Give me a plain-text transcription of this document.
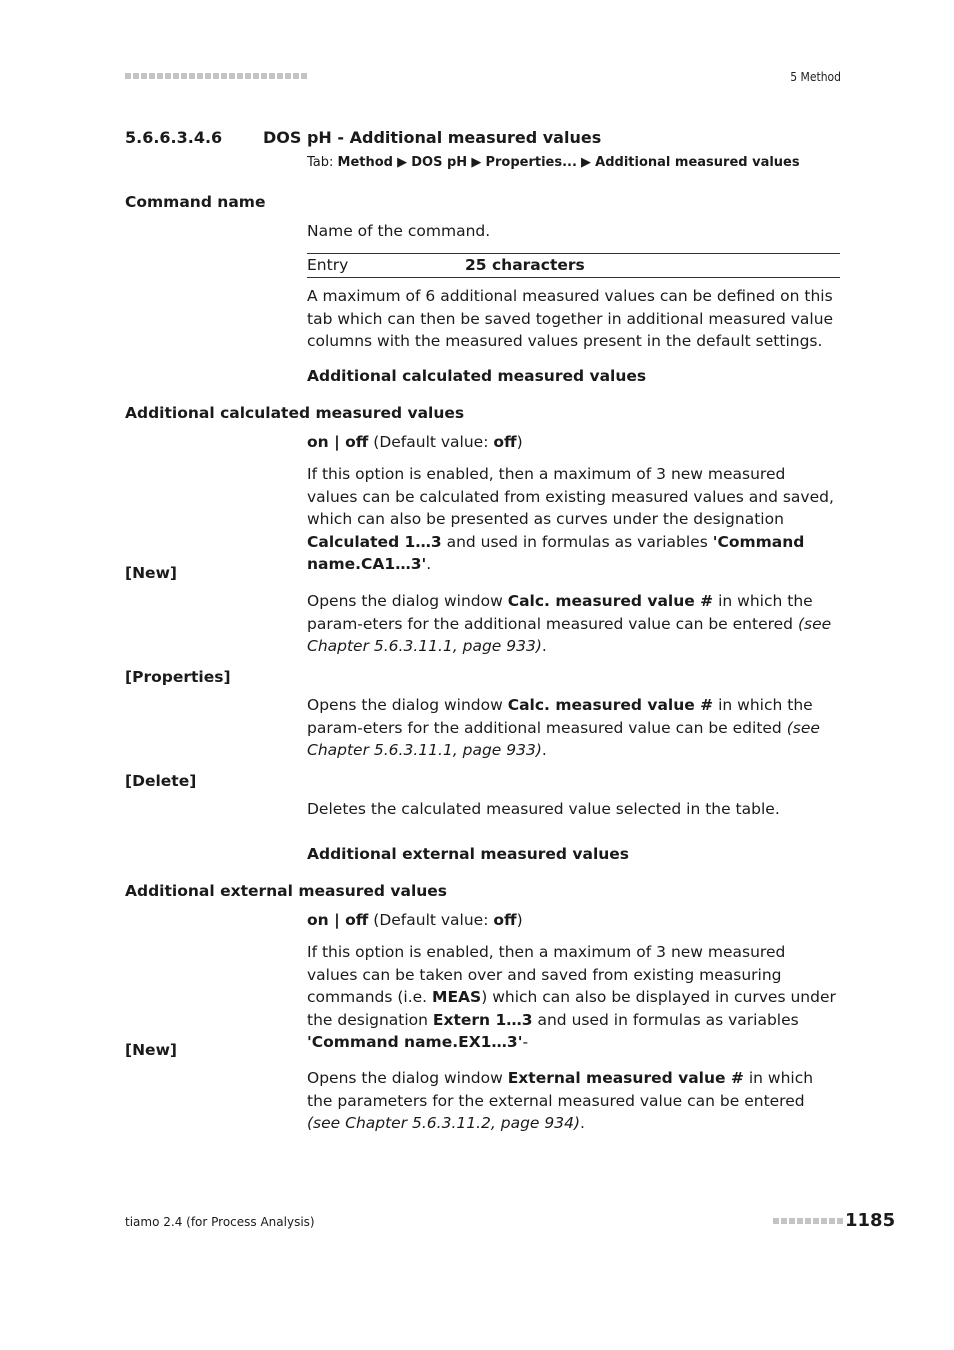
5 Method
5.6.6.3.4.6	DOS pH - Additional measured values
Tab: Method ▶ DOS pH ▶ Properties... ▶ Additional measured values
Command name
Name of the command.
Entry	25 characters
A maximum of 6 additional measured values can be defined on this tab which can then be saved together in additional measured value columns with the measured values present in the default settings.
Additional calculated measured values
Additional calculated measured values
on | off (Default value: off)
If this option is enabled, then a maximum of 3 new measured values can be calculated from existing measured values and saved, which can also be presented as curves under the designation Calculated 1…3 and used in formulas as variables 'Command name.CA1…3'.
[New]
Opens the dialog window Calc. measured value # in which the param-eters for the additional measured value can be entered (see Chapter 5.6.3.11.1, page 933).
[Properties]
Opens the dialog window Calc. measured value # in which the param-eters for the additional measured value can be edited (see Chapter 5.6.3.11.1, page 933).
[Delete]
Deletes the calculated measured value selected in the table.
Additional external measured values
Additional external measured values
on | off (Default value: off)
If this option is enabled, then a maximum of 3 new measured values can be taken over and saved from existing measuring commands (i.e. MEAS) which can also be displayed in curves under the designation Extern 1…3 and used in formulas as variables 'Command name.EX1…3'-
[New]
Opens the dialog window External measured value # in which the parameters for the external measured value can be entered (see Chapter 5.6.3.11.2, page 934).
tiamo 2.4 (for Process Analysis)	1185
